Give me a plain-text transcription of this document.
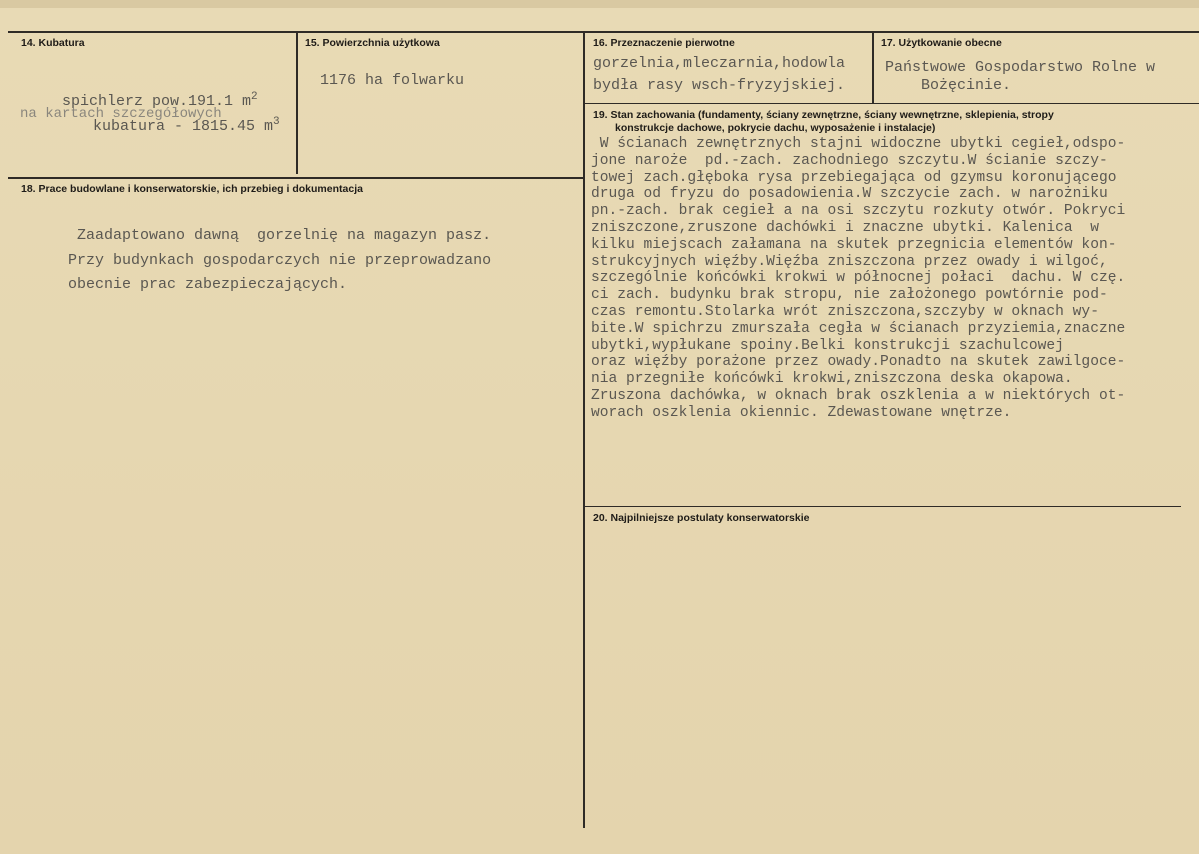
14. Kubatura

spichlerz pow.191.1 $m^2$

na kartach szczegółowych

kubatura - 1815.45 $m^3$

15. Powierzchnia użytkowa
1176 ha folwarku
16. Przeznaczenie pierwotne
gorzelnia,mleczarnia,hodowla
bydła rasy wsch-fryzyjskiej.
17. Użytkowanie obecne
Państwowe Gospodarstwo Rolne w
Bożęcinie.
18. Prace budowlane i konserwatorskie, ich przebieg i dokumentacja
Zaadaptowano dawną  gorzelnię na magazyn pasz.
Przy budynkach gospodarczych nie przeprowadzano
obecnie prac zabezpieczających.
19. Stan zachowania (fundamenty, ściany zewnętrzne, ściany wewnętrzne, sklepienia, stropy
konstrukcje dachowe, pokrycie dachu, wyposażenie i instalacje)
W ścianach zewnętrznych stajni widoczne ubytki cegieł,odspo-
jone naroże  pd.-zach. zachodniego szczytu.W ścianie szczy-
towej zach.głęboka rysa przebiegająca od gzymsu koronującego
druga od fryzu do posadowienia.W szczycie zach. w narożniku
pn.-zach. brak cegieł a na osi szczytu rozkuty otwór. Pokryci
zniszczone,zruszone dachówki i znaczne ubytki. Kalenica  w
kilku miejscach załamana na skutek przegnicia elementów kon-
strukcyjnych więźby.Więźba zniszczona przez owady i wilgoć,
szczególnie końcówki krokwi w północnej połaci  dachu. W czę.
ci zach. budynku brak stropu, nie założonego powtórnie pod-
czas remontu.Stolarka wrót zniszczona,szczyby w oknach wy-
bite.W spichrzu zmurszała cegła w ścianach przyziemia,znaczne
ubytki,wypłukane spoiny.Belki konstrukcji szachulcowej
oraz więźby porażone przez owady.Ponadto na skutek zawilgoce-
nia przegniłe końcówki krokwi,zniszczona deska okapowa.
Zruszona dachówka, w oknach brak oszklenia a w niektórych ot-
worach oszklenia okiennic. Zdewastowane wnętrze.
20. Najpilniejsze postulaty konserwatorskie
